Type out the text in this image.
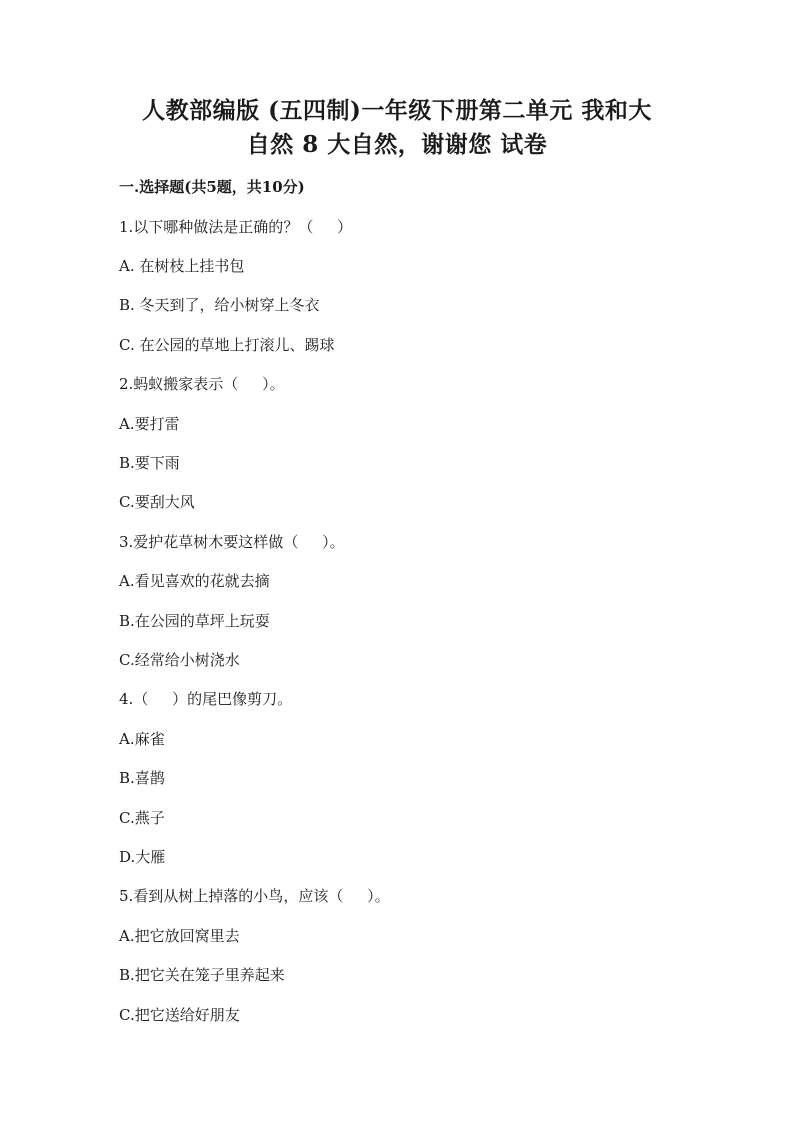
人教部编版 (五四制)一年级下册第二单元 我和大
自然 8 大自然，谢谢您 试卷
一.选择题(共5题，共10分)
1.以下哪种做法是正确的？（     ）
A. 在树枝上挂书包
B. 冬天到了，给小树穿上冬衣
C. 在公园的草地上打滚儿、踢球
2.蚂蚁搬家表示（     ）。
A.要打雷
B.要下雨
C.要刮大风
3.爱护花草树木要这样做（     ）。
A.看见喜欢的花就去摘
B.在公园的草坪上玩耍
C.经常给小树浇水
4.（     ）的尾巴像剪刀。
A.麻雀
B.喜鹊
C.燕子
D.大雁
5.看到从树上掉落的小鸟，应该（     ）。
A.把它放回窝里去
B.把它关在笼子里养起来
C.把它送给好朋友
